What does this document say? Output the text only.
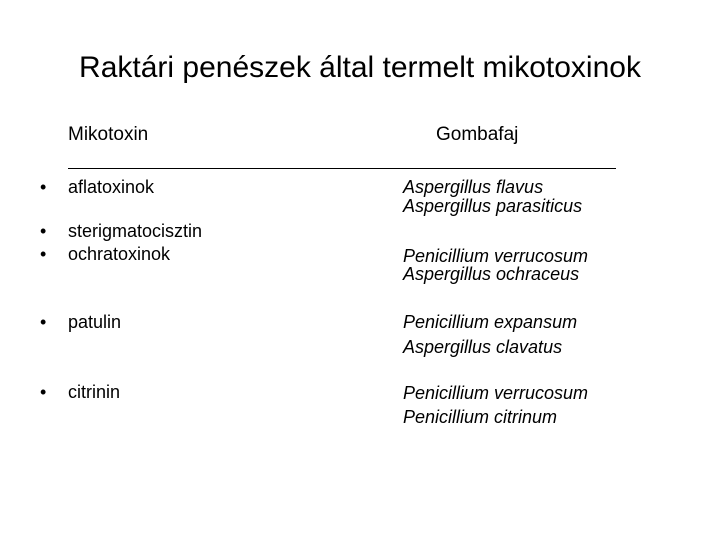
Raktári penészek által termelt mikotoxinok
Mikotoxin	Gombafaj
• aflatoxinok
• sterigmatocisztin
• ochratoxinok
• patulin
• citrinin
Aspergillus flavus
Aspergillus parasiticus
Penicillium verrucosum
Aspergillus ochraceus
Penicillium expansum
Aspergillus clavatus
Penicillium verrucosum
Penicillium citrinum
